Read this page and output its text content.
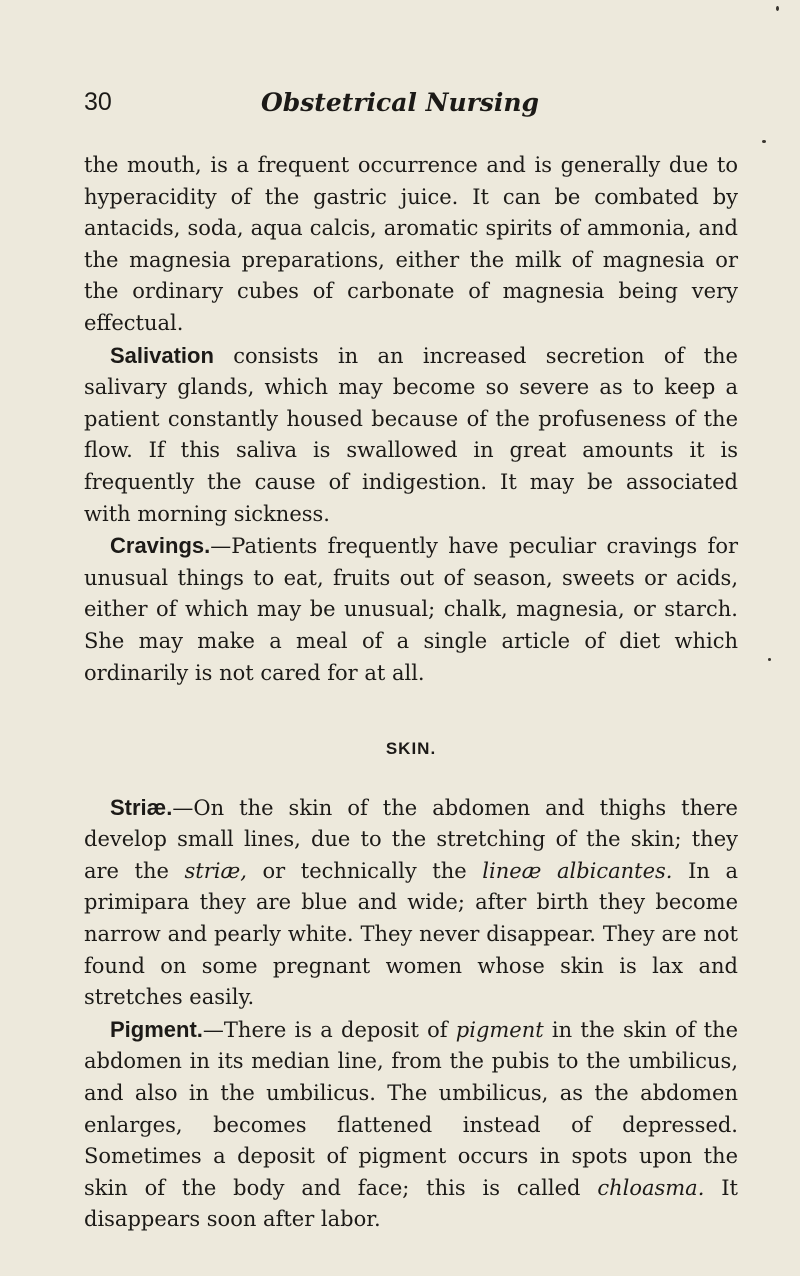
30	Obstetrical Nursing

the mouth, is a frequent occurrence and is generally due to hyperacidity of the gastric juice. It can be combated by antacids, soda, aqua calcis, aromatic spirits of ammonia, and the magnesia preparations, either the milk of magnesia or the ordinary cubes of carbonate of magnesia being very effectual.

Salivation consists in an increased secretion of the salivary glands, which may become so severe as to keep a patient constantly housed because of the profuseness of the flow. If this saliva is swallowed in great amounts it is frequently the cause of indigestion. It may be associated with morning sickness.

Cravings.—Patients frequently have peculiar cravings for unusual things to eat, fruits out of season, sweets or acids, either of which may be unusual; chalk, magnesia, or starch. She may make a meal of a single article of diet which ordinarily is not cared for at all.

SKIN.

Striæ.—On the skin of the abdomen and thighs there develop small lines, due to the stretching of the skin; they are the striæ, or technically the lineæ albicantes. In a primipara they are blue and wide; after birth they become narrow and pearly white. They never disappear. They are not found on some pregnant women whose skin is lax and stretches easily.

Pigment.—There is a deposit of pigment in the skin of the abdomen in its median line, from the pubis to the umbilicus, and also in the umbilicus. The umbilicus, as the abdomen enlarges, becomes flattened instead of depressed. Sometimes a deposit of pigment occurs in spots upon the skin of the body and face; this is called chloasma. It disappears soon after labor.
